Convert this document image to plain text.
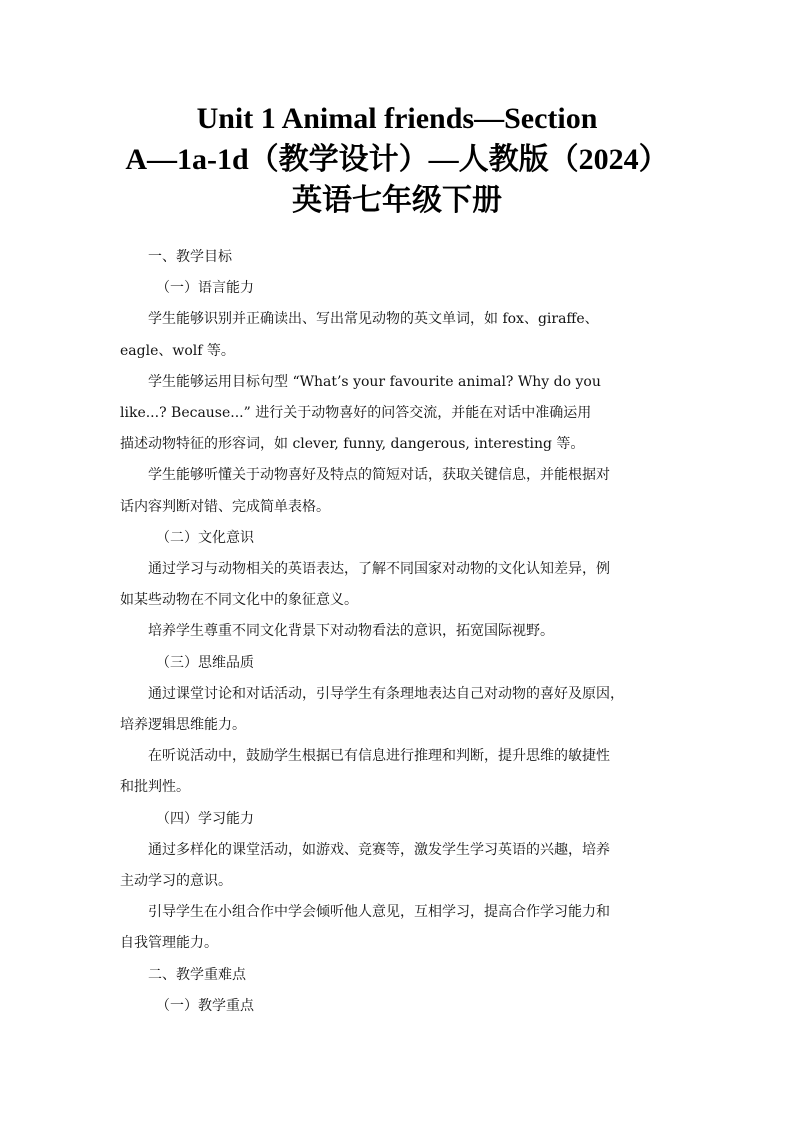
Unit 1 Animal friends—Section
A—1a-1d（教学设计）—人教版（2024）
英语七年级下册

一、教学目标

（一）语言能力

学生能够识别并正确读出、写出常见动物的英文单词，如 fox、giraffe、
eagle、wolf 等。

学生能够运用目标句型 “What’s your favourite animal? Why do you
like...? Because...” 进行关于动物喜好的问答交流，并能在对话中准确运用
描述动物特征的形容词，如 clever, funny, dangerous, interesting 等。

学生能够听懂关于动物喜好及特点的简短对话，获取关键信息，并能根据对
话内容判断对错、完成简单表格。

（二）文化意识

通过学习与动物相关的英语表达，了解不同国家对动物的文化认知差异，例
如某些动物在不同文化中的象征意义。

培养学生尊重不同文化背景下对动物看法的意识，拓宽国际视野。

（三）思维品质

通过课堂讨论和对话活动，引导学生有条理地表达自己对动物的喜好及原因，
培养逻辑思维能力。

在听说活动中，鼓励学生根据已有信息进行推理和判断，提升思维的敏捷性
和批判性。

（四）学习能力

通过多样化的课堂活动，如游戏、竞赛等，激发学生学习英语的兴趣，培养
主动学习的意识。

引导学生在小组合作中学会倾听他人意见，互相学习，提高合作学习能力和
自我管理能力。

二、教学重难点

（一）教学重点
